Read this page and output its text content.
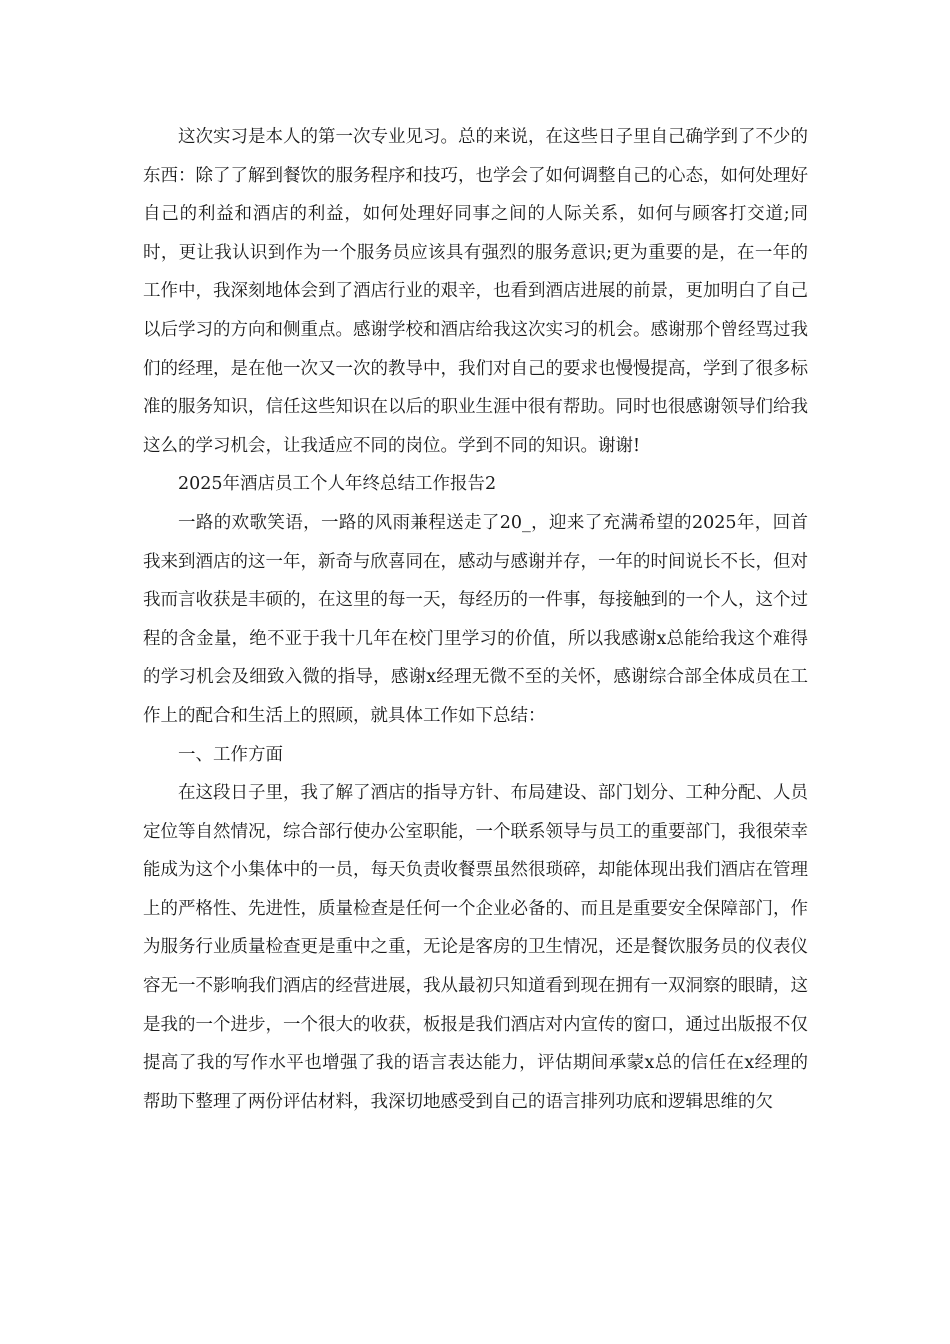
这次实习是本人的第一次专业见习。总的来说，在这些日子里自己确学到了不少的东西：除了了解到餐饮的服务程序和技巧，也学会了如何调整自己的心态，如何处理好自己的利益和酒店的利益，如何处理好同事之间的人际关系，如何与顾客打交道;同时，更让我认识到作为一个服务员应该具有强烈的服务意识;更为重要的是，在一年的工作中，我深刻地体会到了酒店行业的艰辛，也看到酒店进展的前景，更加明白了自己以后学习的方向和侧重点。感谢学校和酒店给我这次实习的机会。感谢那个曾经骂过我们的经理，是在他一次又一次的教导中，我们对自己的要求也慢慢提高，学到了很多标准的服务知识，信任这些知识在以后的职业生涯中很有帮助。同时也很感谢领导们给我这么的学习机会，让我适应不同的岗位。学到不同的知识。谢谢!

2025年酒店员工个人年终总结工作报告2

一路的欢歌笑语，一路的风雨兼程送走了20_，迎来了充满希望的2025年，回首我来到酒店的这一年，新奇与欣喜同在，感动与感谢并存，一年的时间说长不长，但对我而言收获是丰硕的，在这里的每一天，每经历的一件事，每接触到的一个人，这个过程的含金量，绝不亚于我十几年在校门里学习的价值，所以我感谢x总能给我这个难得的学习机会及细致入微的指导，感谢x经理无微不至的关怀，感谢综合部全体成员在工作上的配合和生活上的照顾，就具体工作如下总结：

一、工作方面

在这段日子里，我了解了酒店的指导方针、布局建设、部门划分、工种分配、人员定位等自然情况，综合部行使办公室职能，一个联系领导与员工的重要部门，我很荣幸能成为这个小集体中的一员，每天负责收餐票虽然很琐碎，却能体现出我们酒店在管理上的严格性、先进性，质量检查是任何一个企业必备的、而且是重要安全保障部门，作为服务行业质量检查更是重中之重，无论是客房的卫生情况，还是餐饮服务员的仪表仪容无一不影响我们酒店的经营进展，我从最初只知道看到现在拥有一双洞察的眼睛，这是我的一个进步，一个很大的收获，板报是我们酒店对内宣传的窗口，通过出版报不仅提高了我的写作水平也增强了我的语言表达能力，评估期间承蒙x总的信任在x经理的帮助下整理了两份评估材料，我深切地感受到自己的语言排列功底和逻辑思维的欠
